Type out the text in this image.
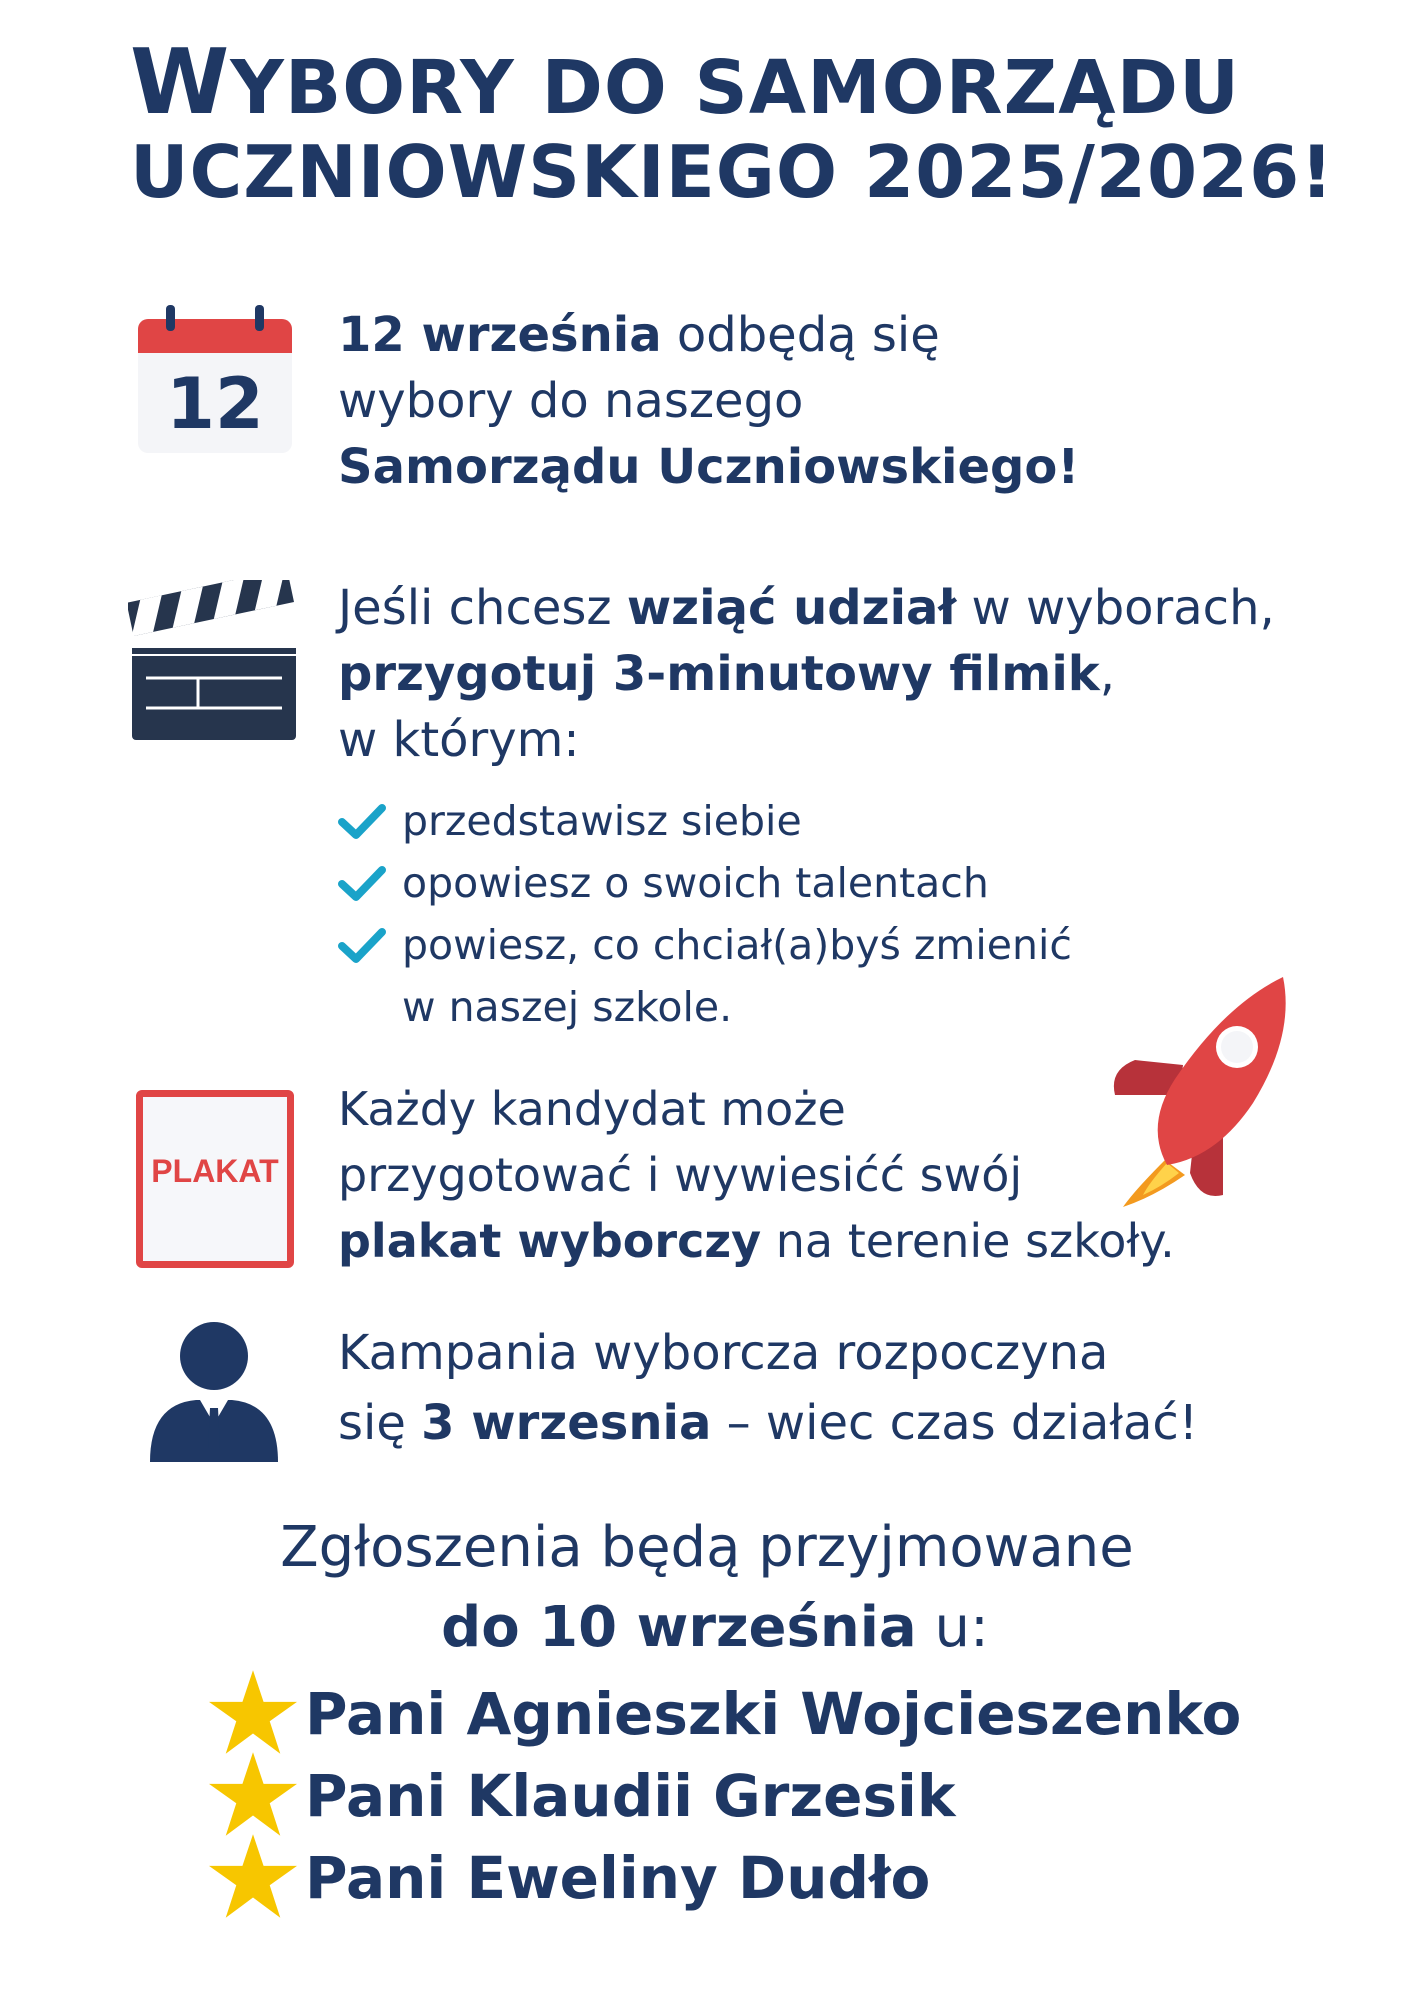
WYBORY DO SAMORZĄDU
UCZNIOWSKIEGO 2025/2026!
12
12 września odbędą się
wybory do naszego
Samorządu Uczniowskiego!
Jeśli chcesz wziąć udział w wyborach,
przygotuj 3-minutowy filmik,
w którym:
przedstawisz siebie
opowiesz o swoich talentach
powiesz, co chciał(a)byś zmienić
w naszej szkole.
PLAKAT
Każdy kandydat może
przygotować i wywiesićć swój
plakat wyborczy na terenie szkoły.
Kampania wyborcza rozpoczyna
się 3 wrzesnia – wiec czas działać!
Zgłoszenia będą przyjmowane
do 10 września u:
Pani Agnieszki Wojcieszenko
Pani Klaudii Grzesik
Pani Eweliny Dudło
